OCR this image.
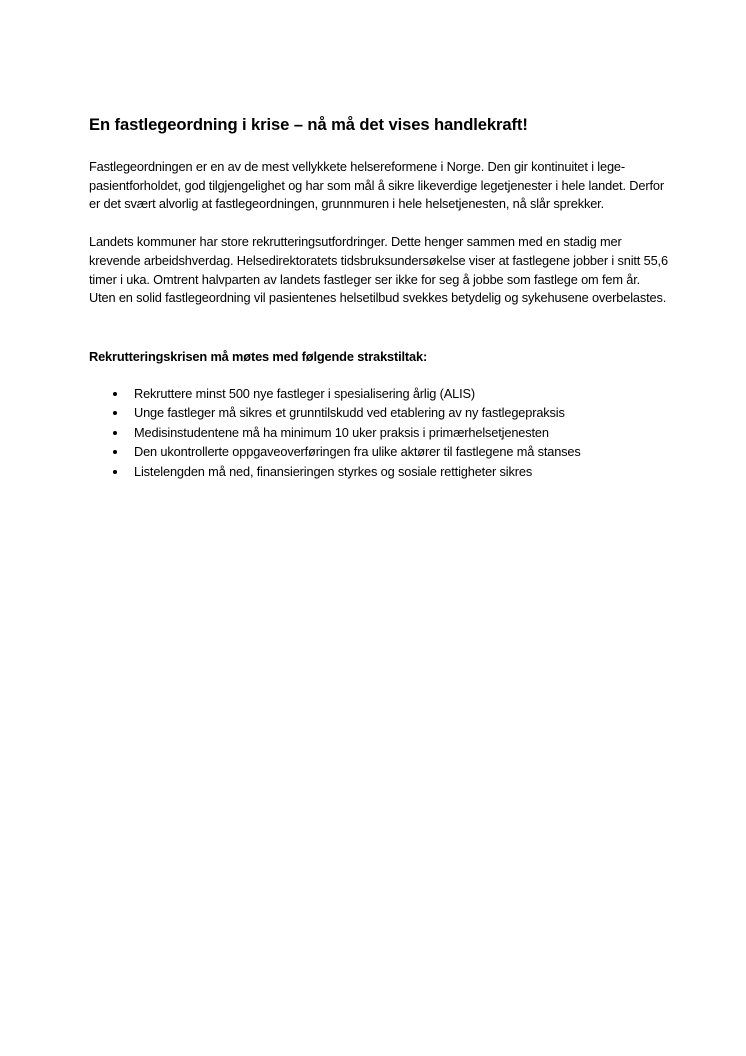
En fastlegeordning i krise – nå må det vises handlekraft!

Fastlegeordningen er en av de mest vellykkete helsereformene i Norge. Den gir kontinuitet i lege-pasientforholdet, god tilgjengelighet og har som mål å sikre likeverdige legetjenester i hele landet. Derfor er det svært alvorlig at fastlegeordningen, grunnmuren i hele helsetjenesten, nå slår sprekker.

Landets kommuner har store rekrutteringsutfordringer. Dette henger sammen med en stadig mer krevende arbeidshverdag. Helsedirektoratets tidsbruksundersøkelse viser at fastlegene jobber i snitt 55,6 timer i uka. Omtrent halvparten av landets fastleger ser ikke for seg å jobbe som fastlege om fem år. Uten en solid fastlegeordning vil pasientenes helsetilbud svekkes betydelig og sykehusene overbelastes.

Rekrutteringskrisen må møtes med følgende strakstiltak:
Rekruttere minst 500 nye fastleger i spesialisering årlig (ALIS)
Unge fastleger må sikres et grunntilskudd ved etablering av ny fastlegepraksis
Medisinstudentene må ha minimum 10 uker praksis i primærhelsetjenesten
Den ukontrollerte oppgaveoverføringen fra ulike aktører til fastlegene må stanses
Listelengden må ned, finansieringen styrkes og sosiale rettigheter sikres
